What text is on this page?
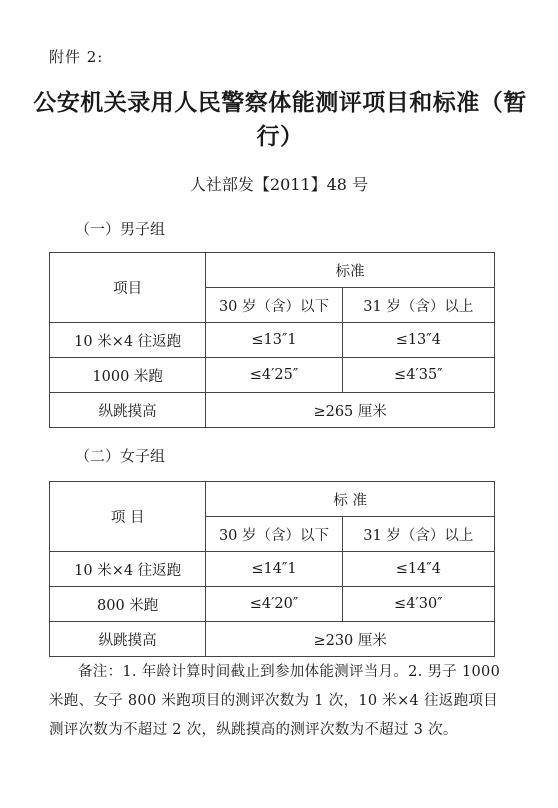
附件 2:
公安机关录用人民警察体能测评项目和标准（暂行）
人社部发【2011】48 号
（一）男子组
项目	标准	
	30 岁（含）以下	31 岁（含）以上
10 米×4 往返跑	≤13″1	≤13″4
1000 米跑	≤4′25″	≤4′35″
纵跳摸高	≥265 厘米	
（二）女子组
项 目	标 准	
	30 岁（含）以下	31 岁（含）以上
10 米×4 往返跑	≤14″1	≤14″4
800 米跑	≤4′20″	≤4′30″
纵跳摸高	≥230 厘米	
备注：1. 年龄计算时间截止到参加体能测评当月。2. 男子 1000 米跑、女子 800 米跑项目的测评次数为 1 次，10 米×4 往返跑项目测评次数为不超过 2 次，纵跳摸高的测评次数为不超过 3 次。
